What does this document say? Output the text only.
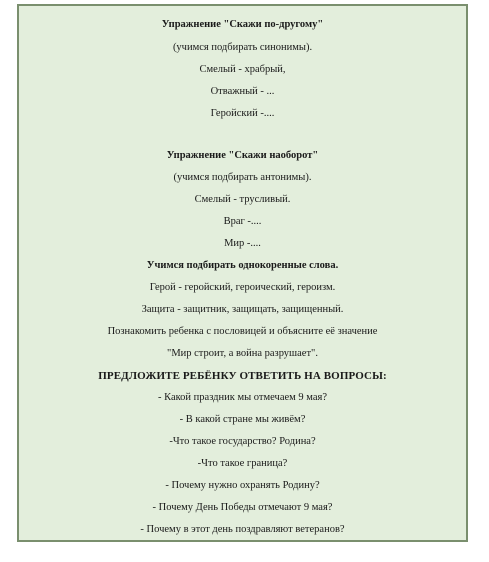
Упражнение "Скажи по-другому"
(учимся подбирать синонимы).
Смелый - храбрый,
Отважный - ...
Геройский -....
Упражнение "Скажи наоборот"
(учимся подбирать антонимы).
Смелый - трусливый.
Враг -....
Мир -....
Учимся подбирать однокоренные слова.
Герой - геройский, героический, героизм.
Защита - защитник, защищать, защищенный.
Познакомить ребенка с пословицей и объясните её значение
"Мир строит, а война разрушает".
ПРЕДЛОЖИТЕ РЕБЁНКУ ОТВЕТИТЬ НА ВОПРОСЫ:
- Какой праздник мы отмечаем 9 мая?
- В какой стране мы живём?
-Что такое государство? Родина?
-Что такое граница?
- Почему нужно охранять Родину?
- Почему День Победы отмечают 9 мая?
- Почему в этот день поздравляют ветеранов?
